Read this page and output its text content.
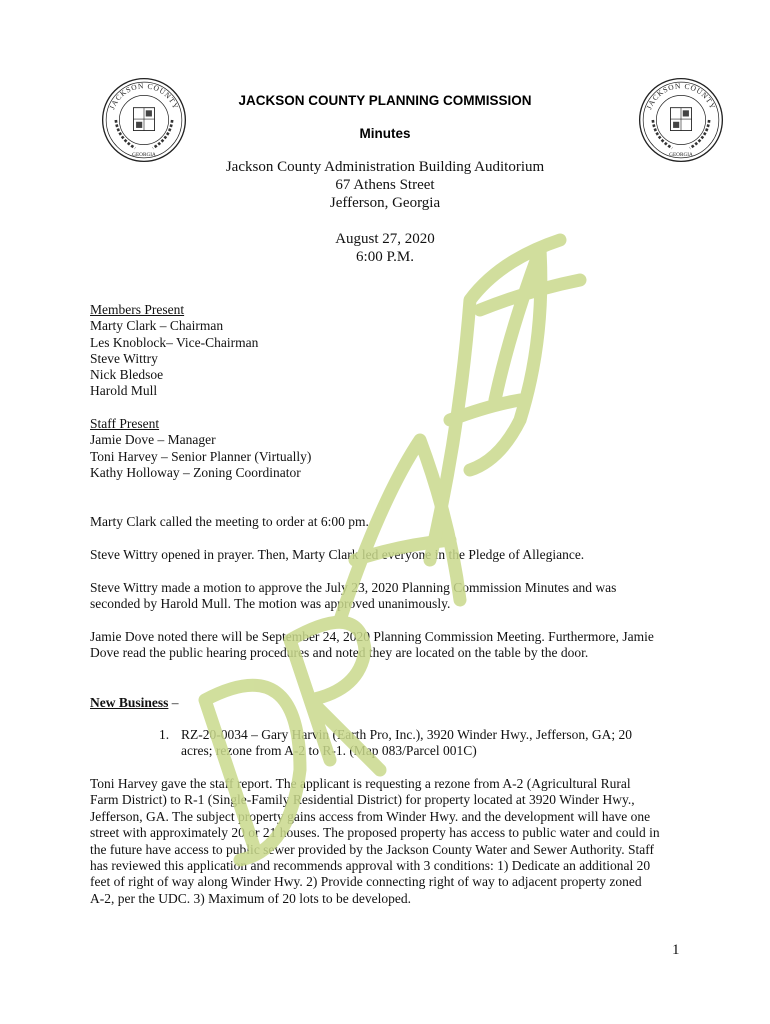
JACKSON COUNTY
GEORGIA
JACKSON COUNTY
GEORGIA
JACKSON COUNTY PLANNING COMMISSION
Minutes
Jackson County Administration Building Auditorium
67 Athens Street
Jefferson, Georgia
August 27, 2020
6:00 P.M.
Members Present
Marty Clark – Chairman
Les Knoblock– Vice-Chairman
Steve Wittry
Nick Bledsoe
Harold Mull
Staff Present
Jamie Dove – Manager
Toni Harvey – Senior Planner (Virtually)
Kathy Holloway – Zoning Coordinator
Marty Clark called the meeting to order at 6:00 pm.
Steve Wittry opened in prayer. Then, Marty Clark led everyone in the Pledge of Allegiance.
Steve Wittry made a motion to approve the July 23, 2020 Planning Commission Minutes and was
seconded by Harold Mull. The motion was approved unanimously.
Jamie Dove noted there will be September 24, 2020 Planning Commission Meeting. Furthermore, Jamie
Dove read the public hearing procedures and noted they are located on the table by the door.
New Business –
1. RZ-20-0034 – Gary Harvin (Earth Pro, Inc.), 3920 Winder Hwy., Jefferson, GA; 20
acres; rezone from A-2 to R-1. (Map 083/Parcel 001C)
Toni Harvey gave the staff report. The applicant is requesting a rezone from A-2 (Agricultural Rural
Farm District) to R-1 (Single-Family Residential District) for property located at 3920 Winder Hwy.,
Jefferson, GA. The subject property gains access from Winder Hwy. and the development will have one
street with approximately 20 or 21 houses. The proposed property has access to public water and could in
the future have access to public sewer provided by the Jackson County Water and Sewer Authority. Staff
has reviewed this application and recommends approval with 3 conditions: 1) Dedicate an additional 20
feet of right of way along Winder Hwy. 2) Provide connecting right of way to adjacent property zoned
A-2, per the UDC. 3) Maximum of 20 lots to be developed.
1
